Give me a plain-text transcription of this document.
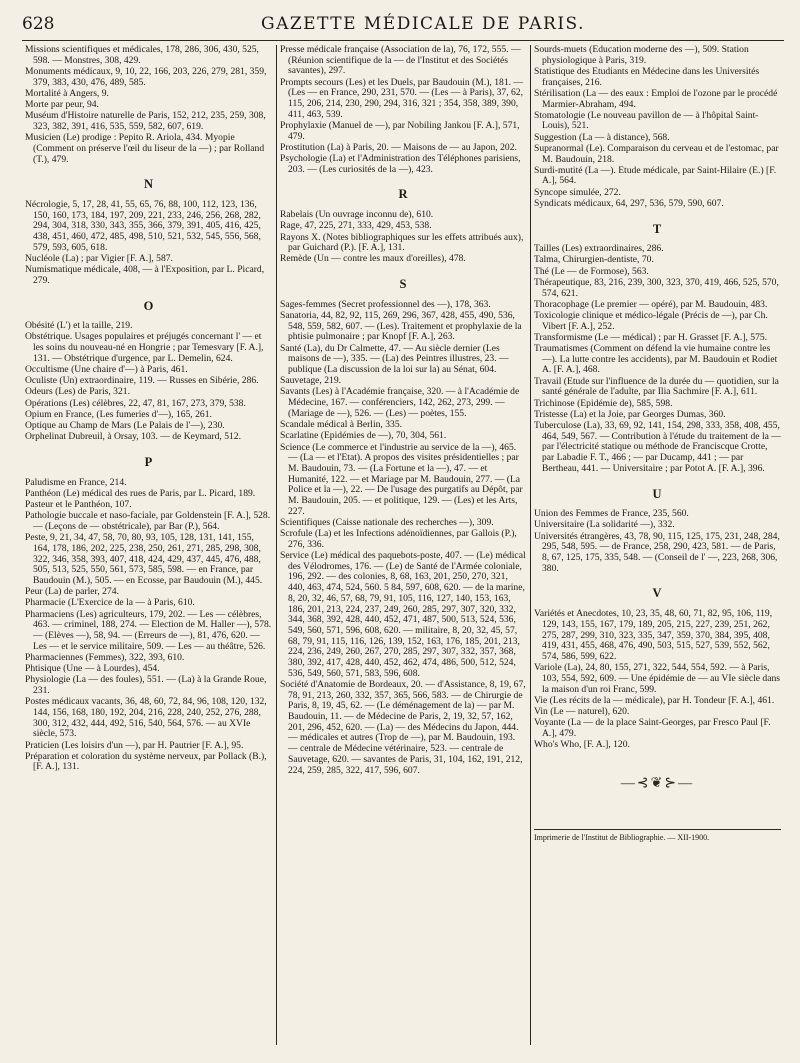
628	GAZETTE MÉDICALE DE PARIS.

Missions scientifiques et médicales, 178, 286, 306, 430, 525, 598. — Monstres, 308, 429.

Monuments médicaux, 9, 10, 22, 166, 203, 226, 279, 281, 359, 379, 383, 430, 476, 489, 585.

Mortalité à Angers, 9.

Morte par peur, 94.

Muséum d'Histoire naturelle de Paris, 152, 212, 235, 259, 308, 323, 382, 391, 416, 535, 559, 582, 607, 619.

Musicien (Le) prodige : Pepito R. Ariola, 434. Myopie (Comment on préserve l'œil du liseur de la —) ; par Rolland (T.), 479.

N

Nécrologie, 5, 17, 28, 41, 55, 65, 76, 88, 100, 112, 123, 136, 150, 160, 173, 184, 197, 209, 221, 233, 246, 256, 268, 282, 294, 304, 318, 330, 343, 355, 366, 379, 391, 405, 416, 425, 438, 451, 460, 472, 485, 498, 510, 521, 532, 545, 556, 568, 579, 593, 605, 618.

Nucléole (La) ; par Vigier [F. A.], 587.

Numismatique médicale, 408, — à l'Exposition, par L. Picard, 279.

O

Obésité (L') et la taille, 219.

Obstétrique. Usages populaires et préjugés concernant l' — et les soins du nouveau-né en Hongrie ; par Temesvary [F. A.], 131. — Obstétrique d'urgence, par L. Demelin, 624.

Occultisme (Une chaire d'—) à Paris, 461.

Oculiste (Un) extraordinaire, 119. — Russes en Sibérie, 286.

Odeurs (Les) de Paris, 321.

Opérations (Les) célèbres, 22, 47, 81, 167, 273, 379, 538.

Opium en France, (Les fumeries d'—), 165, 261.

Optique au Champ de Mars (Le Palais de l'—), 230.

Orphelinat Dubreuil, à Orsay, 103. — de Keymard, 512.

P

Paludisme en France, 214.

Panthéon (Le) médical des rues de Paris, par L. Picard, 189.

Pasteur et le Panthéon, 107.

Pathologie buccale et naso-faciale, par Goldenstein [F. A.], 528. — (Leçons de — obstétricale), par Bar (P.), 564.

Peste, 9, 21, 34, 47, 58, 70, 80, 93, 105, 128, 131, 141, 155, 164, 178, 186, 202, 225, 238, 250, 261, 271, 285, 298, 308, 322, 346, 358, 393, 407, 418, 424, 429, 437, 445, 476, 488, 505, 513, 525, 550, 561, 573, 585, 598. — en France, par Baudouin (M.), 505. — en Ecosse, par Baudouin (M.), 445.

Peur (La) de parler, 274.

Pharmacie (L'Exercice de la — à Paris, 610.

Pharmaciens (Les) agriculteurs, 179, 202. — Les — célèbres, 463. — criminel, 188, 274. — Election de M. Haller —), 578. — (Elèves —), 58, 94. — (Erreurs de —), 81, 476, 620. — Les — et le service militaire, 509. — Les — au théâtre, 526.

Pharmaciennes (Femmes), 322, 393, 610.

Phtisique (Une — à Lourdes), 454.

Physiologie (La — des foules), 551. — (La) à la Grande Roue, 231.

Postes médicaux vacants, 36, 48, 60, 72, 84, 96, 108, 120, 132, 144, 156, 168, 180, 192, 204, 216, 228, 240, 252, 276, 288, 300, 312, 432, 444, 492, 516, 540, 564, 576. — au XVIe siècle, 573.

Praticien (Les loisirs d'un —), par H. Pautrier [F. A.], 95.

Préparation et coloration du système nerveux, par Pollack (B.), [F. A.], 131.

Presse médicale française (Association de la), 76, 172, 555. — (Réunion scientifique de la — de l'Institut et des Sociétés savantes), 297.

Prompts secours (Les) et les Duels, par Baudouin (M.), 181. — (Les — en France, 290, 231, 570. — (Les — à Paris), 37, 62, 115, 206, 214, 230, 290, 294, 316, 321 ; 354, 358, 389, 390, 411, 463, 539.

Prophylaxie (Manuel de —), par Nobiling Jankou [F. A.], 571, 479.

Prostitution (La) à Paris, 20. — Maisons de — au Japon, 202.

Psychologie (La) et l'Administration des Téléphones parisiens, 203. — (Les curiosités de la —), 423.

R

Rabelais (Un ouvrage inconnu de), 610.

Rage, 47, 225, 271, 333, 429, 453, 538.

Rayons X. (Notes bibliographiques sur les effets attribués aux), par Guichard (P.). [F. A.], 131.

Remède (Un — contre les maux d'oreilles), 478.

S

Sages-femmes (Secret professionnel des —), 178, 363.

Sanatoria, 44, 82, 92, 115, 269, 296, 367, 428, 455, 490, 536, 548, 559, 582, 607. — (Les). Traitement et prophylaxie de la phtisie pulmonaire ; par Knopf [F. A.], 263.

Santé (La), du Dr Calmette, 47. — Au siècle dernier (Les maisons de —), 335. — (La) des Peintres illustres, 23. — publique (La discussion de la loi sur la) au Sénat, 604.

Sauvetage, 219.

Savants (Les) à l'Académie française, 320. — à l'Académie de Médecine, 167. — conférenciers, 142, 262, 273, 299. — (Mariage de —), 526. — (Les) — poètes, 155.

Scandale médical à Berlin, 335.

Scarlatine (Epidémies de —), 70, 304, 561.

Science (Le commerce et l'industrie au service de la —), 465. — (La — et l'Etat). A propos des visites présidentielles ; par M. Baudouin, 73. — (La Fortune et la —), 47. — et Humanité, 122. — et Mariage par M. Baudouin, 277. — (La Police et la —), 22. — De l'usage des purgatifs au Dépôt, par M. Baudouin, 205. — et politique, 129. — (Les) et les Arts, 227.

Scientifiques (Caisse nationale des recherches —), 309.

Scrofule (La) et les Infections adénoïdiennes, par Gallois (P.), 276, 336.

Service (Le) médical des paquebots-poste, 407. — (Le) médical des Vélodromes, 176. — (Le) de Santé de l'Armée coloniale, 196, 292. — des colonies, 8, 68, 163, 201, 250, 270, 321, 440, 463, 474, 524, 560. 5 84, 597, 608, 620. — de la marine, 8, 20, 32, 46, 57, 68, 79, 91, 105, 116, 127, 140, 153, 163, 186, 201, 213, 224, 237, 249, 260, 285, 297, 307, 320, 332, 344, 368, 392, 428, 440, 452, 471, 487, 500, 513, 524, 536, 549, 560, 571, 596, 608, 620. — militaire, 8, 20, 32, 45, 57, 68, 79, 91, 115, 116, 126, 139, 152, 163, 176, 185, 201, 213, 224, 236, 249, 260, 267, 270, 285, 297, 307, 332, 357, 368, 380, 392, 417, 428, 440, 452, 462, 474, 486, 500, 512, 524, 536, 549, 560, 571, 583, 596, 608.

Société d'Anatomie de Bordeaux, 20. — d'Assistance, 8, 19, 67, 78, 91, 213, 260, 332, 357, 365, 566, 583. — de Chirurgie de Paris, 8, 19, 45, 62. — (Le déménagement de la) — par M. Baudouin, 11. — de Médecine de Paris, 2, 19, 32, 57, 162, 201, 296, 452, 620. — (La) — des Médecins du Japon, 444. — médicales et autres (Trop de —), par M. Baudouin, 193. — centrale de Médecine vétérinaire, 523. — centrale de Sauvetage, 620. — savantes de Paris, 31, 104, 162, 191, 212, 224, 259, 285, 322, 417, 596, 607.

Sourds-muets (Education moderne des —), 509. Station physiologique à Paris, 319.

Statistique des Etudiants en Médecine dans les Universités françaises, 216.

Stérilisation (La — des eaux : Emploi de l'ozone par le procédé Marmier-Abraham, 494.

Stomatologie (Le nouveau pavillon de — à l'hôpital Saint-Louis), 521.

Suggestion (La — à distance), 568.

Supranormal (Le). Comparaison du cerveau et de l'estomac, par M. Baudouin, 218.

Surdi-mutité (La —). Etude médicale, par Saint-Hilaire (E.) [F. A.], 564.

Syncope simulée, 272.

Syndicats médicaux, 64, 297, 536, 579, 590, 607.

T

Tailles (Les) extraordinaires, 286.

Talma, Chirurgien-dentiste, 70.

Thé (Le — de Formose), 563.

Thérapeutique, 83, 216, 239, 300, 323, 370, 419, 466, 525, 570, 574, 621.

Thoracophage (Le premier — opéré), par M. Baudouin, 483.

Toxicologie clinique et médico-légale (Précis de —), par Ch. Vibert [F. A.], 252.

Transformisme (Le — médical) ; par H. Grasset [F. A.], 575.

Traumatismes (Comment on défend la vie humaine contre les —). La lutte contre les accidents), par M. Baudouin et Rodiet A. [F. A.], 468.

Travail (Etude sur l'influence de la durée du — quotidien, sur la santé générale de l'adulte, par Ilia Sachmire [F. A.], 611.

Trichinose (Epidémie de), 585, 598.

Tristesse (La) et la Joie, par Georges Dumas, 360.

Tuberculose (La), 33, 69, 92, 141, 154, 298, 333, 358, 408, 455, 464, 549, 567. — Contribution à l'étude du traitement de la — par l'électricité statique ou méthode de Franciscque Crotte, par Labadie F. T., 466 ; — par Ducamp, 441 ; — par Bertheau, 441. — Universitaire ; par Potot A. [F. A.], 396.

U

Union des Femmes de France, 235, 560.

Universitaire (La solidarité —), 332.

Universités étrangères, 43, 78, 90, 115, 125, 175, 231, 248, 284, 295, 548, 595. — de France, 258, 290, 423, 581. — de Paris, 8, 67, 125, 175, 335, 548. — (Conseil de l' —, 223, 268, 306, 380.

V

Variétés et Anecdotes, 10, 23, 35, 48, 60, 71, 82, 95, 106, 119, 129, 143, 155, 167, 179, 189, 205, 215, 227, 239, 251, 262, 275, 287, 299, 310, 323, 335, 347, 359, 370, 384, 395, 408, 419, 431, 455, 468, 476, 490, 503, 515, 527, 539, 552, 562, 574, 586, 599, 622.

Variole (La), 24, 80, 155, 271, 322, 544, 554, 592. — à Paris, 103, 554, 592, 609. — Une épidémie de — au VIe siècle dans la maison d'un roi Franc, 599.

Vie (Les récits de la — médicale), par H. Tondeur [F. A.], 461.

Vin (Le — naturel), 620.

Voyante (La — de la place Saint-Georges, par Fresco Paul [F. A.], 479.

Who's Who, [F. A.], 120.

—⊰❦⊱—
Imprimerie de l'Institut de Bibliographie. — XII-1900.
